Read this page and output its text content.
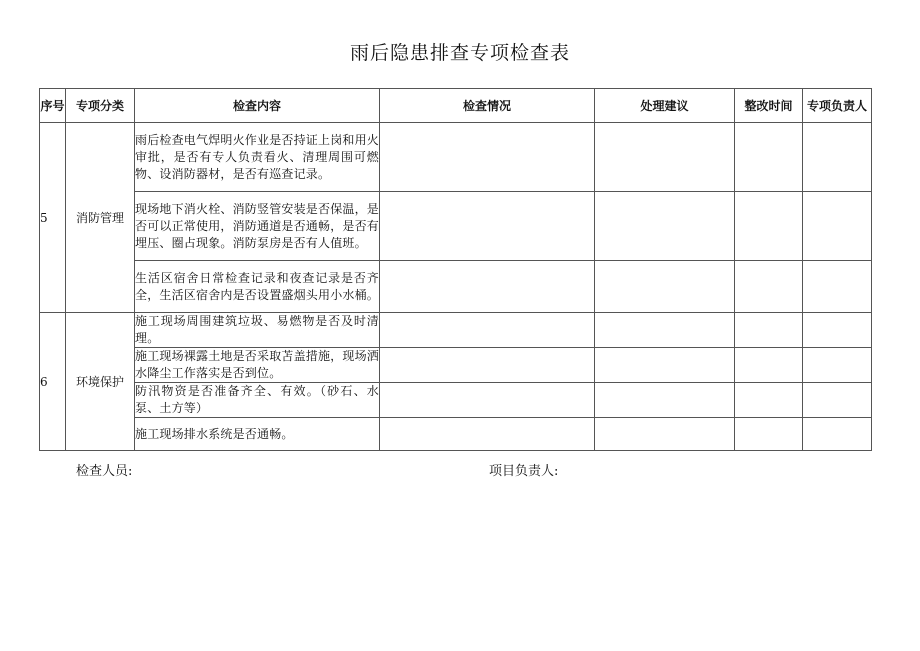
雨后隐患排查专项检查表
序号	专项分类	检查内容	检查情况	处理建议	整改时间	专项负责人
5	消防管理	雨后检查电气焊明火作业是否持证上岗和用火审批，是否有专人负责看火、清理周围可燃物、设消防器材，是否有巡查记录。				
		现场地下消火栓、消防竖管安装是否保温，是否可以正常使用，消防通道是否通畅，是否有埋压、圈占现象。消防泵房是否有人值班。				
		生活区宿舍日常检查记录和夜查记录是否齐全，生活区宿舍内是否设置盛烟头用小水桶。				
6	环境保护	施工现场周围建筑垃圾、易燃物是否及时清理。				
		施工现场裸露土地是否采取苫盖措施，现场洒水降尘工作落实是否到位。				
		防汛物资是否准备齐全、有效。（砂石、水泵、土方等）				
		施工现场排水系统是否通畅。				
检查人员:	项目负责人:
